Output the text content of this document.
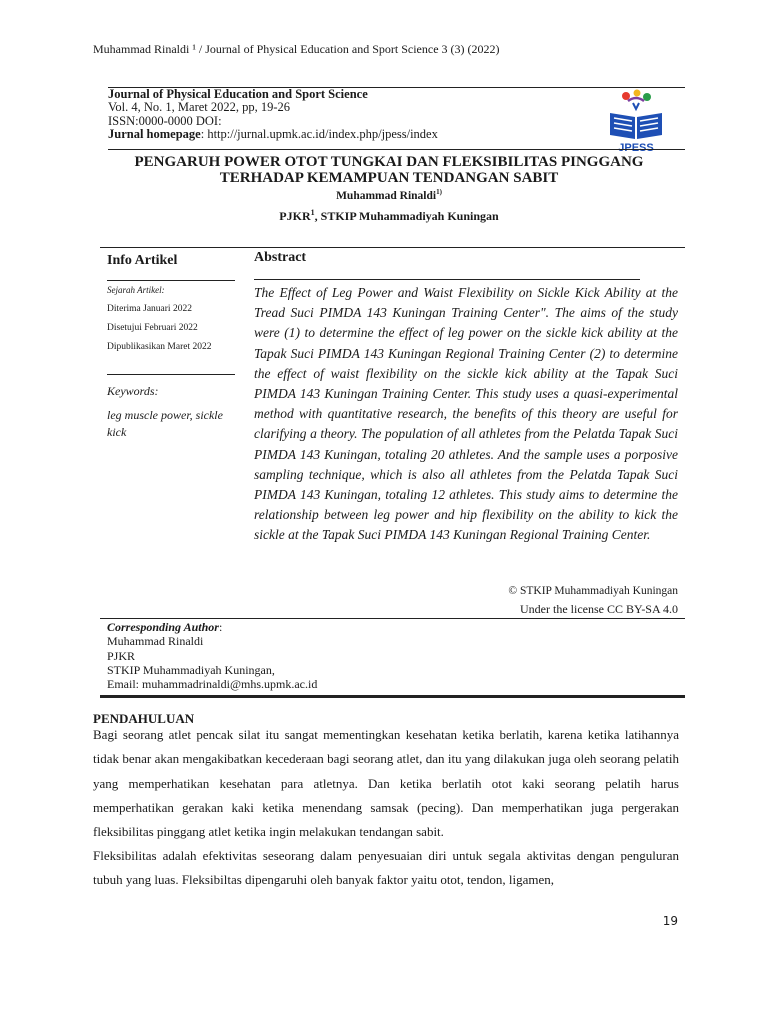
Muhammad Rinaldi ¹ / Journal of Physical Education and Sport Science 3 (3) (2022)
Journal of Physical Education and Sport Science
Vol. 4, No. 1, Maret 2022, pp, 19-26
ISSN:0000-0000 DOI:
Jurnal homepage: http://jurnal.upmk.ac.id/index.php/jpess/index
JPESS
PENGARUH POWER OTOT TUNGKAI DAN FLEKSIBILITAS PINGGANG
TERHADAP KEMAMPUAN TENDANGAN SABIT
Muhammad Rinaldi$^{1)}$
PJKR$^1$, STKIP Muhammadiyah Kuningan
Info Artikel	Abstract
Sejarah Artikel:
Diterima Januari 2022
Disetujui Februari 2022
Dipublikasikan Maret 2022
Keywords:
leg muscle power, sickle kick
The Effect of Leg Power and Waist Flexibility on Sickle Kick Ability at the Tread Suci PIMDA 143 Kuningan Training Center". The aims of the study were (1) to determine the effect of leg power on the sickle kick ability at the Tapak Suci PIMDA 143 Kuningan Regional Training Center (2) to determine the effect of waist flexibility on the sickle kick ability at the Tapak Suci PIMDA 143 Kuningan Training Center. This study uses a quasi-experimental method with quantitative research, the benefits of this theory are useful for clarifying a theory. The population of all athletes from the Pelatda Tapak Suci PIMDA 143 Kuningan, totaling 20 athletes. And the sample uses a porposive sampling technique, which is also all athletes from the Pelatda Tapak Suci PIMDA 143 Kuningan, totaling 12 athletes. This study aims to determine the relationship between leg power and hip flexibility on the ability to kick the sickle at the Tapak Suci PIMDA 143 Kuningan Regional Training Center.
© STKIP Muhammadiyah Kuningan
Under the license CC BY-SA 4.0
Corresponding Author:
Muhammad Rinaldi
PJKR
STKIP Muhammadiyah Kuningan,
Email: muhammadrinaldi@mhs.upmk.ac.id
PENDAHULUAN
Bagi seorang atlet pencak silat itu sangat mementingkan kesehatan ketika berlatih, karena ketika latihannya tidak benar akan mengakibatkan kecederaan bagi seorang atlet, dan itu yang dilakukan juga oleh seorang pelatih yang memperhatikan kesehatan para atletnya. Dan ketika berlatih otot kaki seorang pelatih harus memperhatikan gerakan kaki ketika menendang samsak (pecing). Dan memperhatikan juga pergerakan fleksibilitas pinggang atlet ketika ingin melakukan tendangan sabit.
Fleksibilitas adalah efektivitas seseorang dalam penyesuaian diri untuk segala aktivitas dengan penguluran tubuh yang luas. Fleksibiltas dipengaruhi oleh banyak faktor yaitu otot, tendon, ligamen,
19
